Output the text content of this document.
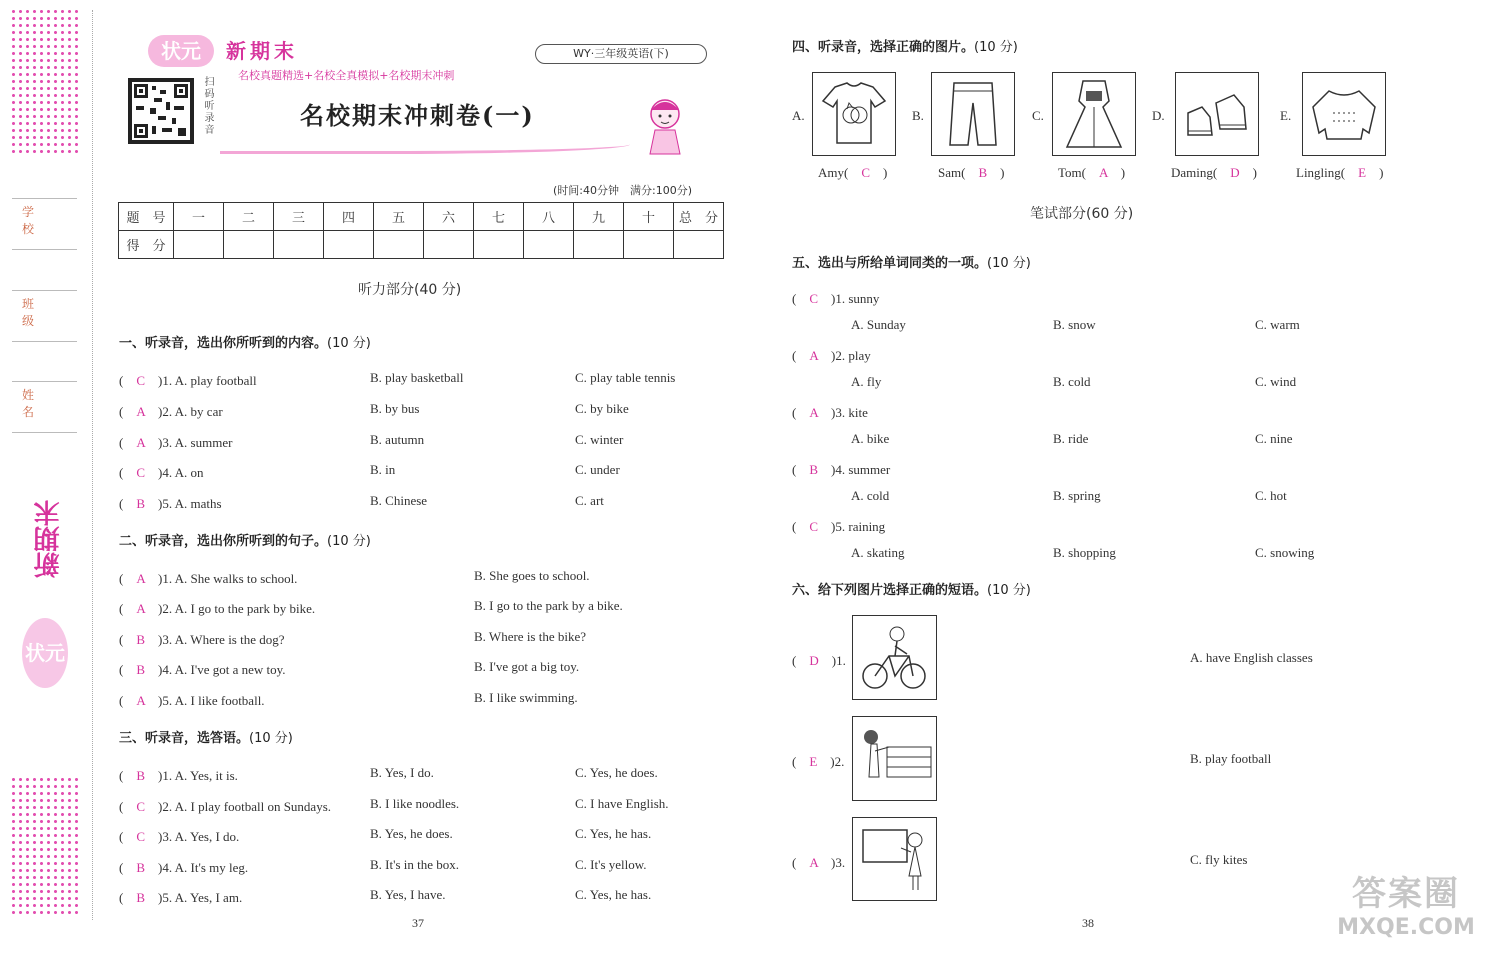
学 校
班 级
姓 名
新期末
状元
状元	新期末
名校真题精选+名校全真模拟+名校期末冲刺
WY·三年级英语(下)
扫码听录音	名校期末冲刺卷(一)
(时间:40分钟　满分:100分)
题　号	一	二	三	四	五	六	七	八	九	十	总　分
得　分											
听力部分(40 分)
一、听录音，选出你所听到的内容。(10 分)
(　C　)1. A. play football	B. play basketball	C. play table tennis
(　A　)2. A. by car	B. by bus	C. by bike
(　A　)3. A. summer	B. autumn	C. winter
(　C　)4. A. on	B. in	C. under
(　B　)5. A. maths	B. Chinese	C. art
二、听录音，选出你所听到的句子。(10 分)
(　A　)1. A. She walks to school.	B. She goes to school.
(　A　)2. A. I go to the park by bike.	B. I go to the park by a bike.
(　B　)3. A. Where is the dog?	B. Where is the bike?
(　B　)4. A. I've got a new toy.	B. I've got a big toy.
(　A　)5. A. I like football.	B. I like swimming.
三、听录音，选答语。(10 分)
(　B　)1. A. Yes, it is.	B. Yes, I do.	C. Yes, he does.
(　C　)2. A. I play football on Sundays.	B. I like noodles.	C. I have English.
(　C　)3. A. Yes, I do.	B. Yes, he does.	C. Yes, he has.
(　B　)4. A. It's my leg.	B. It's in the box.	C. It's yellow.
(　B　)5. A. Yes, I am.	B. Yes, I have.	C. Yes, he has.
37	38
四、听录音，选择正确的图片。(10 分)
A.
Amy(　 C　 )
B.
Sam(　 B　 )
C.
Tom(　 A　 )
D.
Daming(　 D　 )
E.
Lingling(　 E　 )
笔试部分(60 分)
五、选出与所给单词同类的一项。(10 分)
(　C　)1. sunny
A. Sunday	B. snow	C. warm
(　A　)2. play
A. fly	B. cold	C. wind
(　A　)3. kite
A. bike	B. ride	C. nine
(　B　)4. summer
A. cold	B. spring	C. hot
(　C　)5. raining
A. skating	B. shopping	C. snowing
六、给下列图片选择正确的短语。(10 分)
(　D　)1.	A. have English classes
(　E　)2.	B. play football
(　A　)3.	C. fly kites
答案圈
MXQE.COM
